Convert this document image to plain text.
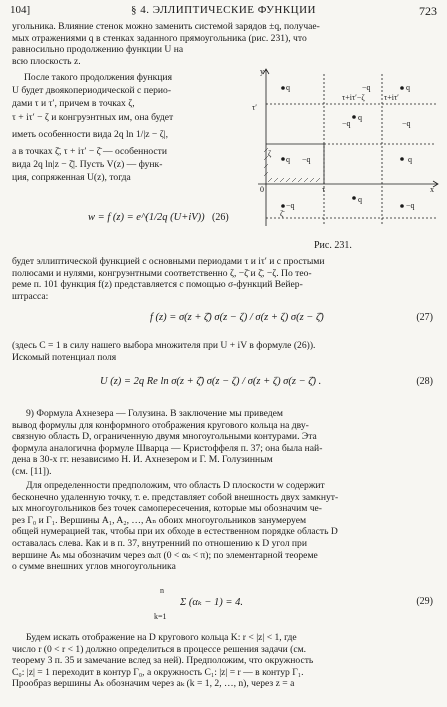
104]	§ 4. ЭЛЛИПТИЧЕСКИЕ ФУНКЦИИ	723
угольника. Влияние стенок можно заменить системой зарядов ±q, получае-
мых отражениями q в стенках заданного прямоугольника (рис. 231), что
равносильно продолжению функции U на
всю плоскость z.
После такого продолжения функция
U будет двоякопериодической с перио-
дами τ и τ′, причем в точках ζ,
τ + iτ′ − ζ и конгруэнтных им, она будет
иметь особенности вида 2q ln 1/|z − ζ|,
а в точках ζ̄, τ + iτ′ − ζ̄ — особенности
вида 2q ln|z − ζ̄|. Пусть V(z) — функ-
ция, сопряженная U(z), тогда
w = f (z) = e^(1/2q (U+iV)) (26)
y
q	−q	q
τ′
τ+iτ′−ζ τ+iτ′
−q
q
−q
q −q	q
ζ
0	τ	x
−q
q
−q
ζ̄
Рис. 231.
будет эллиптической функцией с основными периодами τ и iτ′ и с простыми
полюсами и нулями, конгруэнтными соответственно ζ, −ζ̄ и ζ̄, −ζ. По тео-
реме п. 101 функция f(z) представляется с помощью σ-функций Вейер-
штрасса:
f (z) = σ(z + ζ̄) σ(z − ζ) / σ(z + ζ) σ(z − ζ̄)	(27)
(здесь C = 1 в силу нашего выбора множителя при U + iV в формуле (26)).
Искомый потенциал поля
U (z) = 2q Re ln σ(z + ζ̄) σ(z − ζ) / σ(z + ζ) σ(z − ζ̄) .	(28)
9) Формула Ахнезера — Голузина. В заключение мы приведем
вывод формулы для конформного отображения кругового кольца на дву-
связную область D, ограниченную двумя многоугольными контурами. Эта
формула аналогична формуле Шварца — Кристоффеля п. 37; она была най-
дена в 30-х гг. независимо Н. И. Ахнезером и Г. М. Голузинным
(см. [11]).
Для определенности предположим, что область D плоскости w содержит
бесконечно удаленную точку, т. е. представляет собой внешность двух замкнут-
ых многоугольников без точек самопересечения, которые мы обозначим че-
рез Γ₀ и Γ₁. Вершины A₁, A₂, …, Aₙ обоих многоугольников занумеруем
общей нумерацией так, чтобы при их обходе в естественном порядке область D
оставалась слева. Как и в п. 37, внутренний по отношению к D угол при
вершине Aₖ мы обозначим через αₖπ (0 < αₖ < π); по элементарной теореме
о сумме внешних углов многоугольника
n
Σ (αₖ − 1) = 4.
k=1
(29)
Будем искать отображение на D кругового кольца K: r < |z| < 1, где
число r (0 < r < 1) должно определиться в процессе решения задачи (см.
теорему 3 п. 35 и замечание вслед за ней). Предположим, что окружность
C₀: |z| = 1 переходит в контур Γ₀, а окружность C₁: |z| = r — в контур Γ₁.
Прообраз вершины Aₖ обозначим через aₖ (k = 1, 2, …, n), через z = a
